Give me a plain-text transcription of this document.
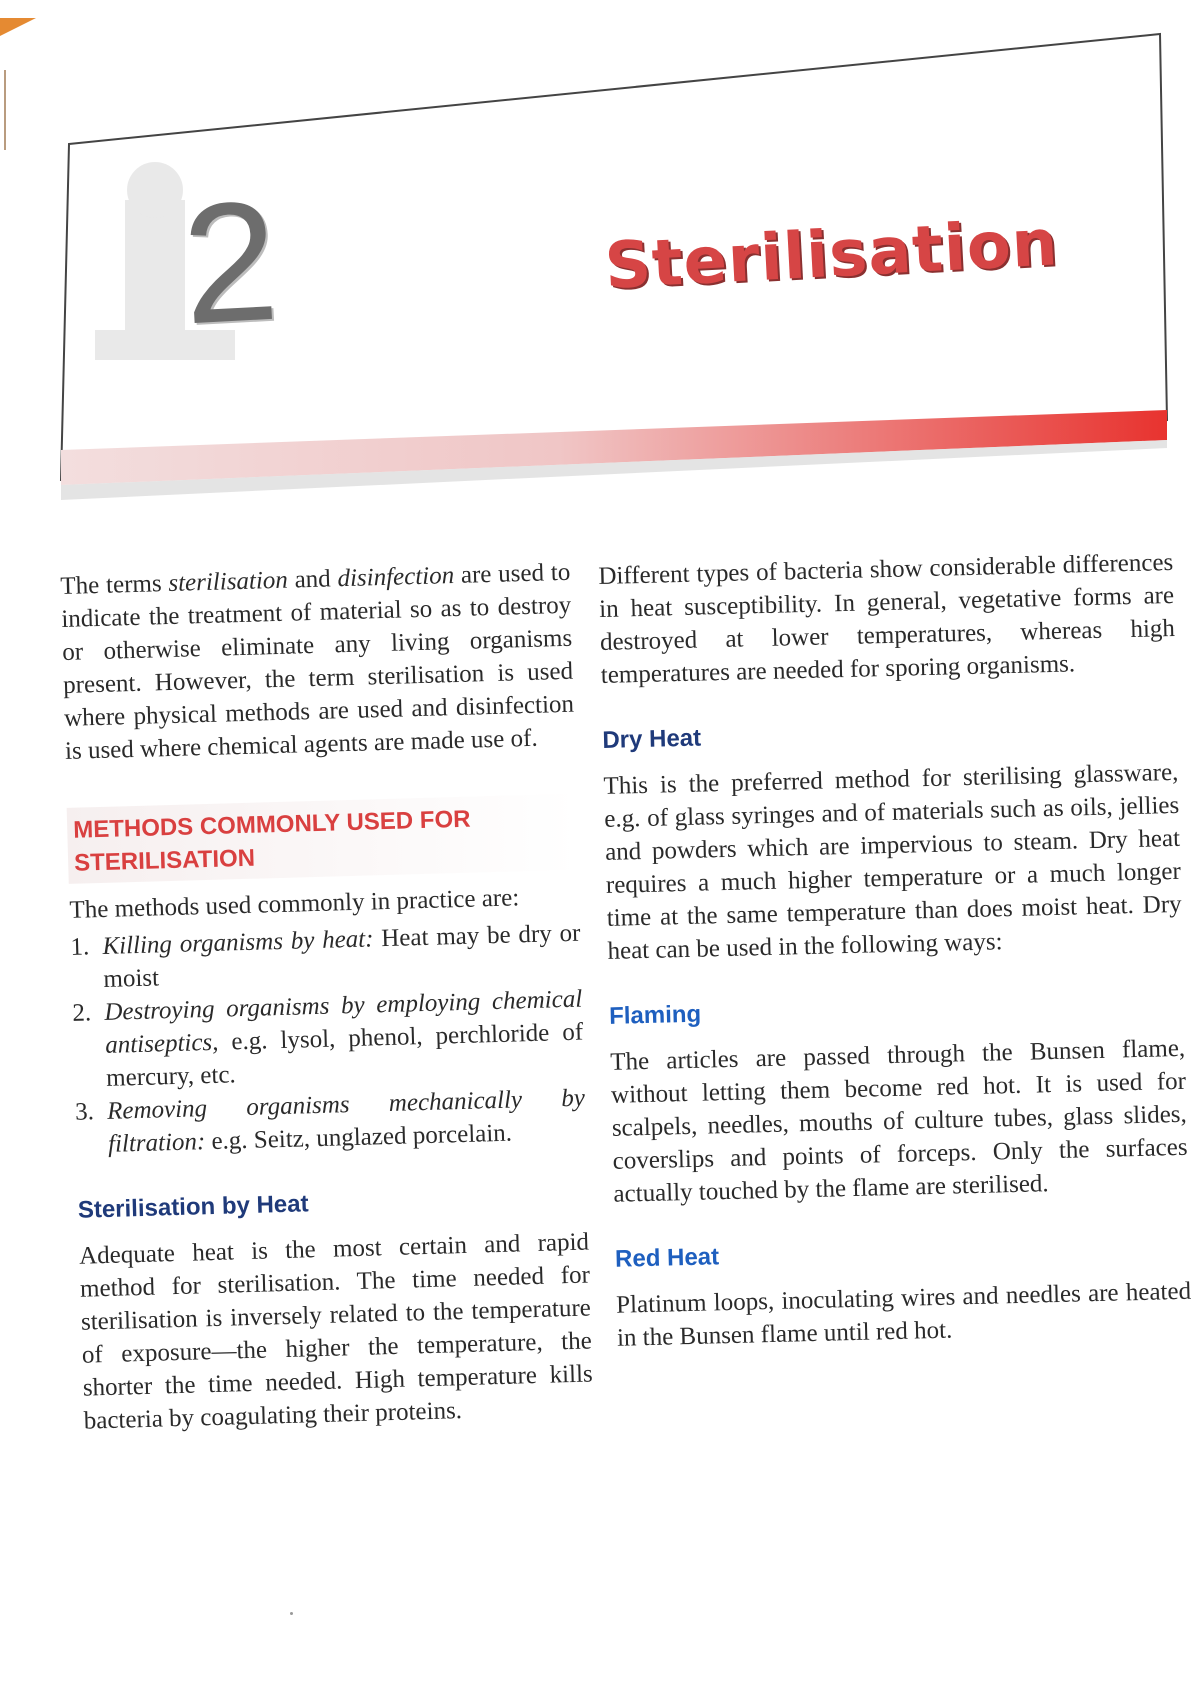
2	Sterilisation

The terms sterilisation and disinfection are used to indicate the treatment of material so as to destroy or otherwise eliminate any living organisms present. However, the term sterilisation is used where physical methods are used and disinfection is used where chemical agents are made use of.

METHODS COMMONLY USED FOR
STERILISATION

The methods used commonly in practice are:

1. Killing organisms by heat: Heat may be dry or moist
2. Destroying organisms by employing chemical antiseptics, e.g. lysol, phenol, perchloride of mercury, etc.
3. Removing organisms mechanically by filtration: e.g. Seitz, unglazed porcelain.
Sterilisation by Heat

Adequate heat is the most certain and rapid method for sterilisation. The time needed for sterilisation is inversely related to the temperature of exposure—the higher the temperature, the shorter the time needed. High temperature kills bacteria by coagulating their proteins.

Different types of bacteria show considerable differences in heat susceptibility. In general, vegetative forms are destroyed at lower temperatures, whereas high temperatures are needed for sporing organisms.

Dry Heat

This is the preferred method for sterilising glassware, e.g. of glass syringes and of materials such as oils, jellies and powders which are impervious to steam. Dry heat requires a much higher temperature or a much longer time at the same temperature than does moist heat. Dry heat can be used in the following ways:

Flaming

The articles are passed through the Bunsen flame, without letting them become red hot. It is used for scalpels, needles, mouths of culture tubes, glass slides, coverslips and points of forceps. Only the surfaces actually touched by the flame are sterilised.

Red Heat

Platinum loops, inoculating wires and needles are heated in the Bunsen flame until red hot.
